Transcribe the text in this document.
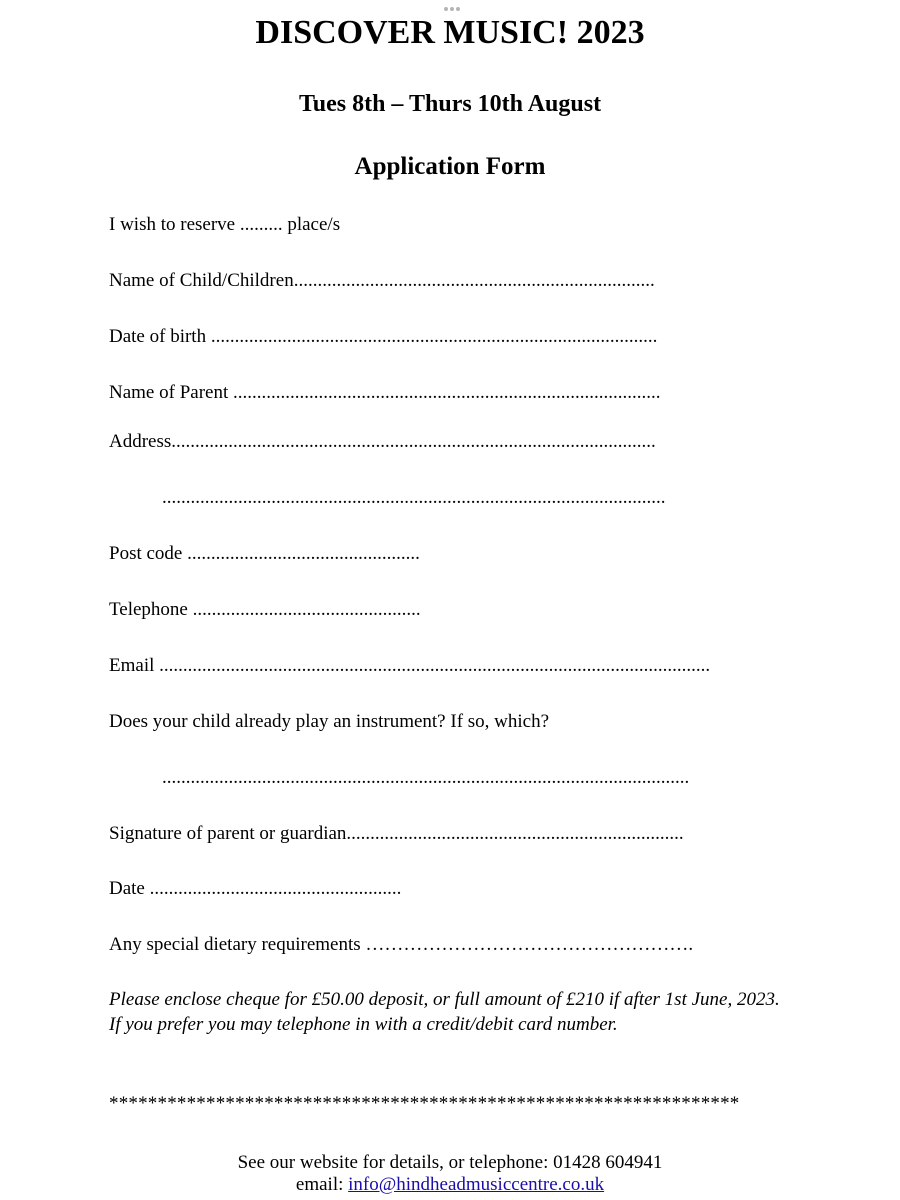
DISCOVER MUSIC! 2023
Tues 8th – Thurs 10th August
Application Form
I wish to reserve ......... place/s
Name of Child/Children............................................................................
Date of birth ..............................................................................................
Name of Parent ..........................................................................................
Address......................................................................................................
..........................................................................................................
Post code .................................................
Telephone ................................................
Email ....................................................................................................................
Does your child already play an instrument? If so, which?
...............................................................................................................
Signature of parent or guardian.......................................................................
Date .....................................................
Any special dietary requirements …………………………………………….
Please enclose cheque for £50.00 deposit, or full amount of £210 if after 1st June, 2023.
If you prefer you may telephone in with a credit/debit card number.
*****************************************************************
See our website for details, or telephone: 01428 604941
email: info@hindheadmusiccentre.co.uk
